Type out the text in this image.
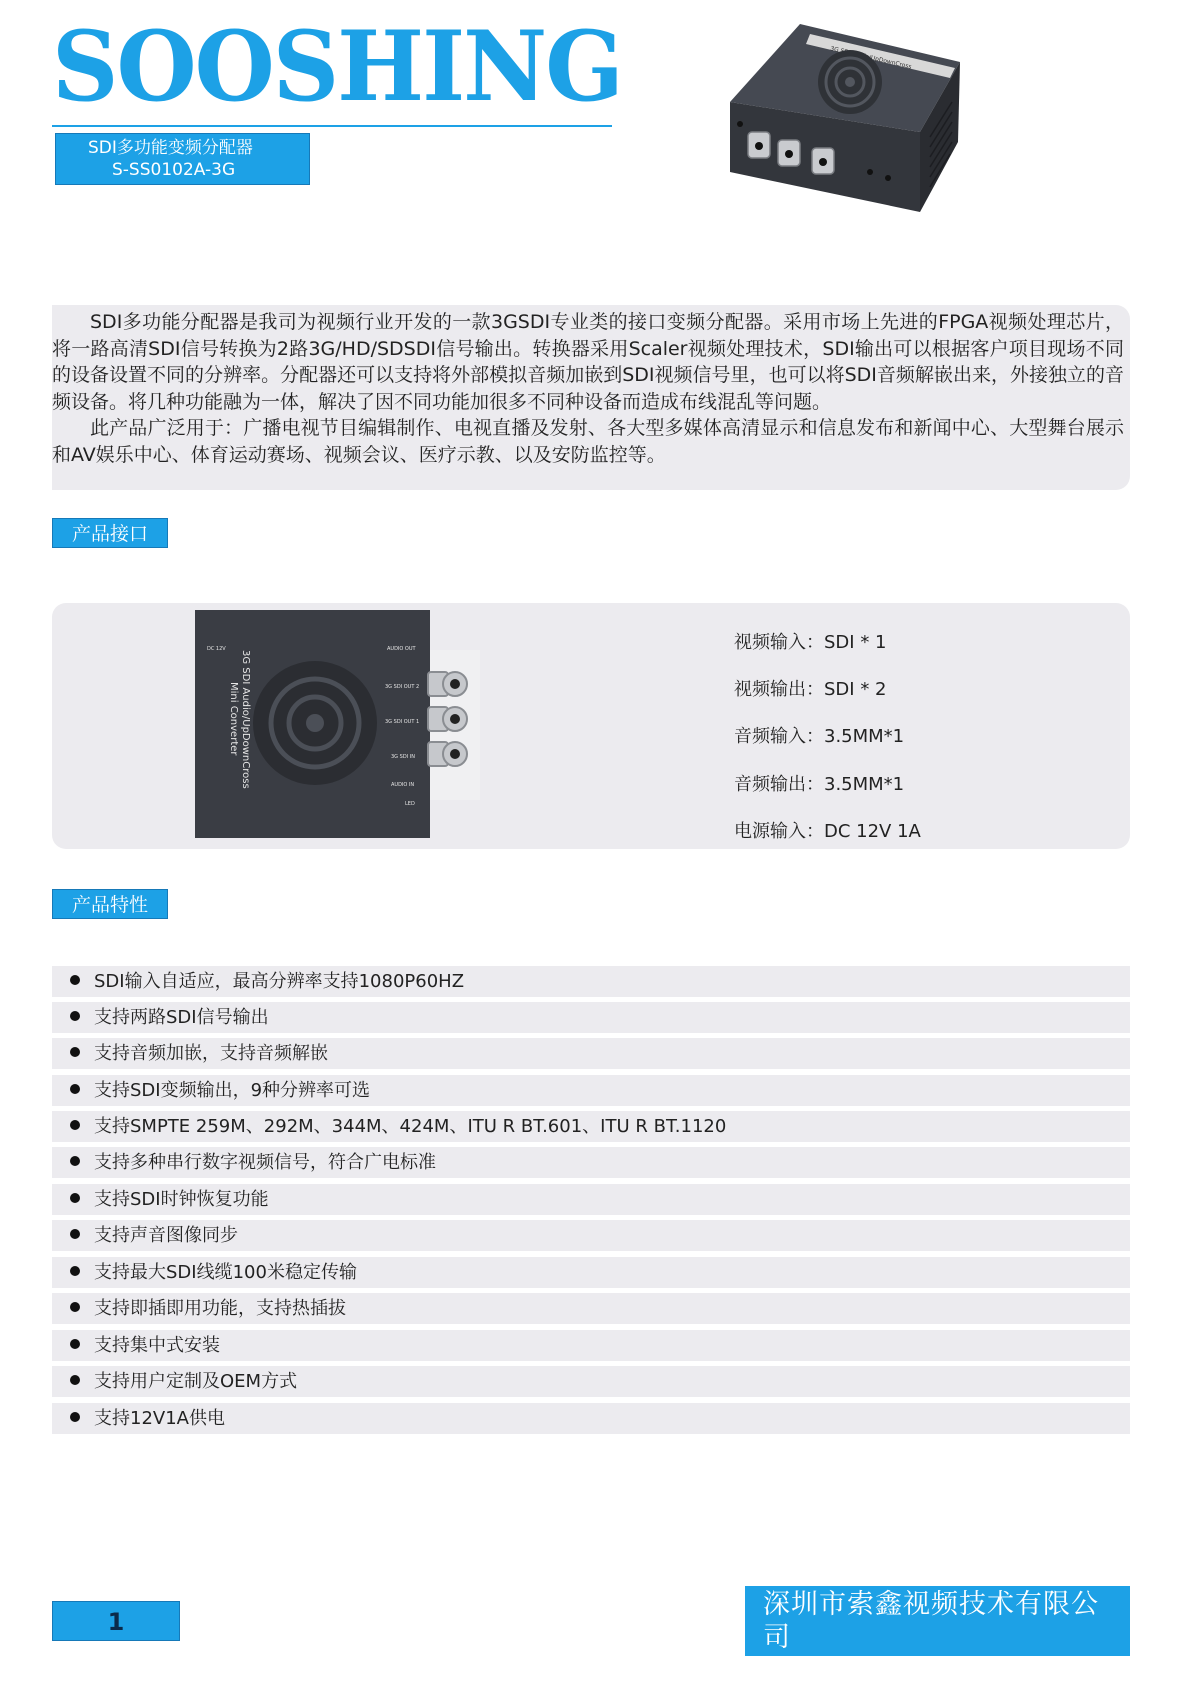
SOOSHING
SDI多功能变频分配器
S-SS0102A-3G
3G Audio/UpDownCross

SDI多功能分配器是我司为视频行业开发的一款3GSDI专业类的接口变频分配器。采用市场上先进的FPGA视频处理芯片，将一路高清SDI信号转换为2路3G/HD/SDSDI信号输出。转换器采用Scaler视频处理技术，SDI输出可以根据客户项目现场不同的设备设置不同的分辨率。分配器还可以支持将外部模拟音频加嵌到SDI视频信号里，也可以将SDI音频解嵌出来，外接独立的音频设备。将几种功能融为一体，解决了因不同功能加很多不同种设备而造成布线混乱等问题。

此产品广泛用于：广播电视节目编辑制作、电视直播及发射、各大型多媒体高清显示和信息发布和新闻中心、大型舞台展示和AV娱乐中心、体育运动赛场、视频会议、医疗示教、以及安防监控等。

产品接口
3G SDI Audio/UpDownCross
Mini Converter
DC 12V	AUDIO OUT
3G SDI OUT 2
3G SDI OUT 1
3G SDI IN
AUDIO IN
LED
视频输入：SDI * 1
视频输出：SDI * 2
音频输入：3.5MM*1
音频输出：3.5MM*1
电源输入：DC 12V 1A
产品特性
SDI输入自适应，最高分辨率支持1080P60HZ
支持两路SDI信号输出
支持音频加嵌，支持音频解嵌
支持SDI变频输出，9种分辨率可选
支持SMPTE 259M、292M、344M、424M、ITU R BT.601、ITU R BT.1120
支持多种串行数字视频信号，符合广电标准
支持SDI时钟恢复功能
支持声音图像同步
支持最大SDI线缆100米稳定传输
支持即插即用功能，支持热插拔
支持集中式安装
支持用户定制及OEM方式
支持12V1A供电
1
深圳市索鑫视频技术有限公司
http://www.sooshing.com
